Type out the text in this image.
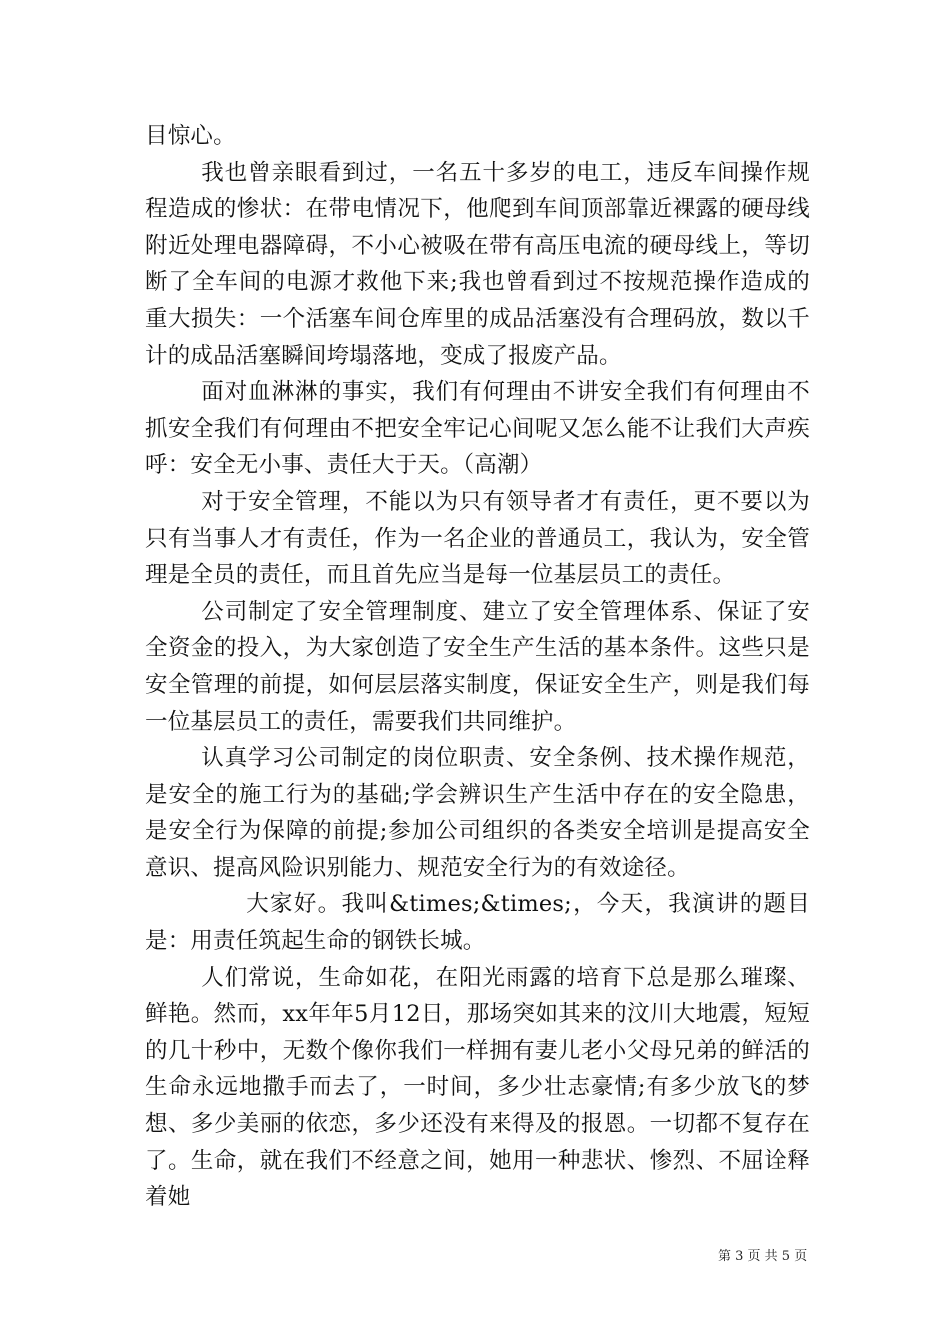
目惊心。

我也曾亲眼看到过，一名五十多岁的电工，违反车间操作规程造成的惨状：在带电情况下，他爬到车间顶部靠近裸露的硬母线附近处理电器障碍，不小心被吸在带有高压电流的硬母线上，等切断了全车间的电源才救他下来;我也曾看到过不按规范操作造成的重大损失：一个活塞车间仓库里的成品活塞没有合理码放，数以千计的成品活塞瞬间垮塌落地，变成了报废产品。

面对血淋淋的事实，我们有何理由不讲安全我们有何理由不抓安全我们有何理由不把安全牢记心间呢又怎么能不让我们大声疾呼：安全无小事、责任大于天。（高潮）

对于安全管理，不能以为只有领导者才有责任，更不要以为只有当事人才有责任，作为一名企业的普通员工，我认为，安全管理是全员的责任，而且首先应当是每一位基层员工的责任。

公司制定了安全管理制度、建立了安全管理体系、保证了安全资金的投入，为大家创造了安全生产生活的基本条件。这些只是安全管理的前提，如何层层落实制度，保证安全生产，则是我们每一位基层员工的责任，需要我们共同维护。

认真学习公司制定的岗位职责、安全条例、技术操作规范，是安全的施工行为的基础;学会辨识生产生活中存在的安全隐患，是安全行为保障的前提;参加公司组织的各类安全培训是提高安全意识、提高风险识别能力、规范安全行为的有效途径。

大家好。我叫&times;&times;，今天，我演讲的题目是：用责任筑起生命的钢铁长城。

人们常说，生命如花，在阳光雨露的培育下总是那么璀璨、鲜艳。然而，xx年年5月12日，那场突如其来的汶川大地震，短短的几十秒中，无数个像你我们一样拥有妻儿老小父母兄弟的鲜活的生命永远地撒手而去了，一时间，多少壮志豪情;有多少放飞的梦想、多少美丽的依恋，多少还没有来得及的报恩。一切都不复存在了。生命，就在我们不经意之间，她用一种悲状、惨烈、不屈诠释着她

第 3 页 共 5 页
